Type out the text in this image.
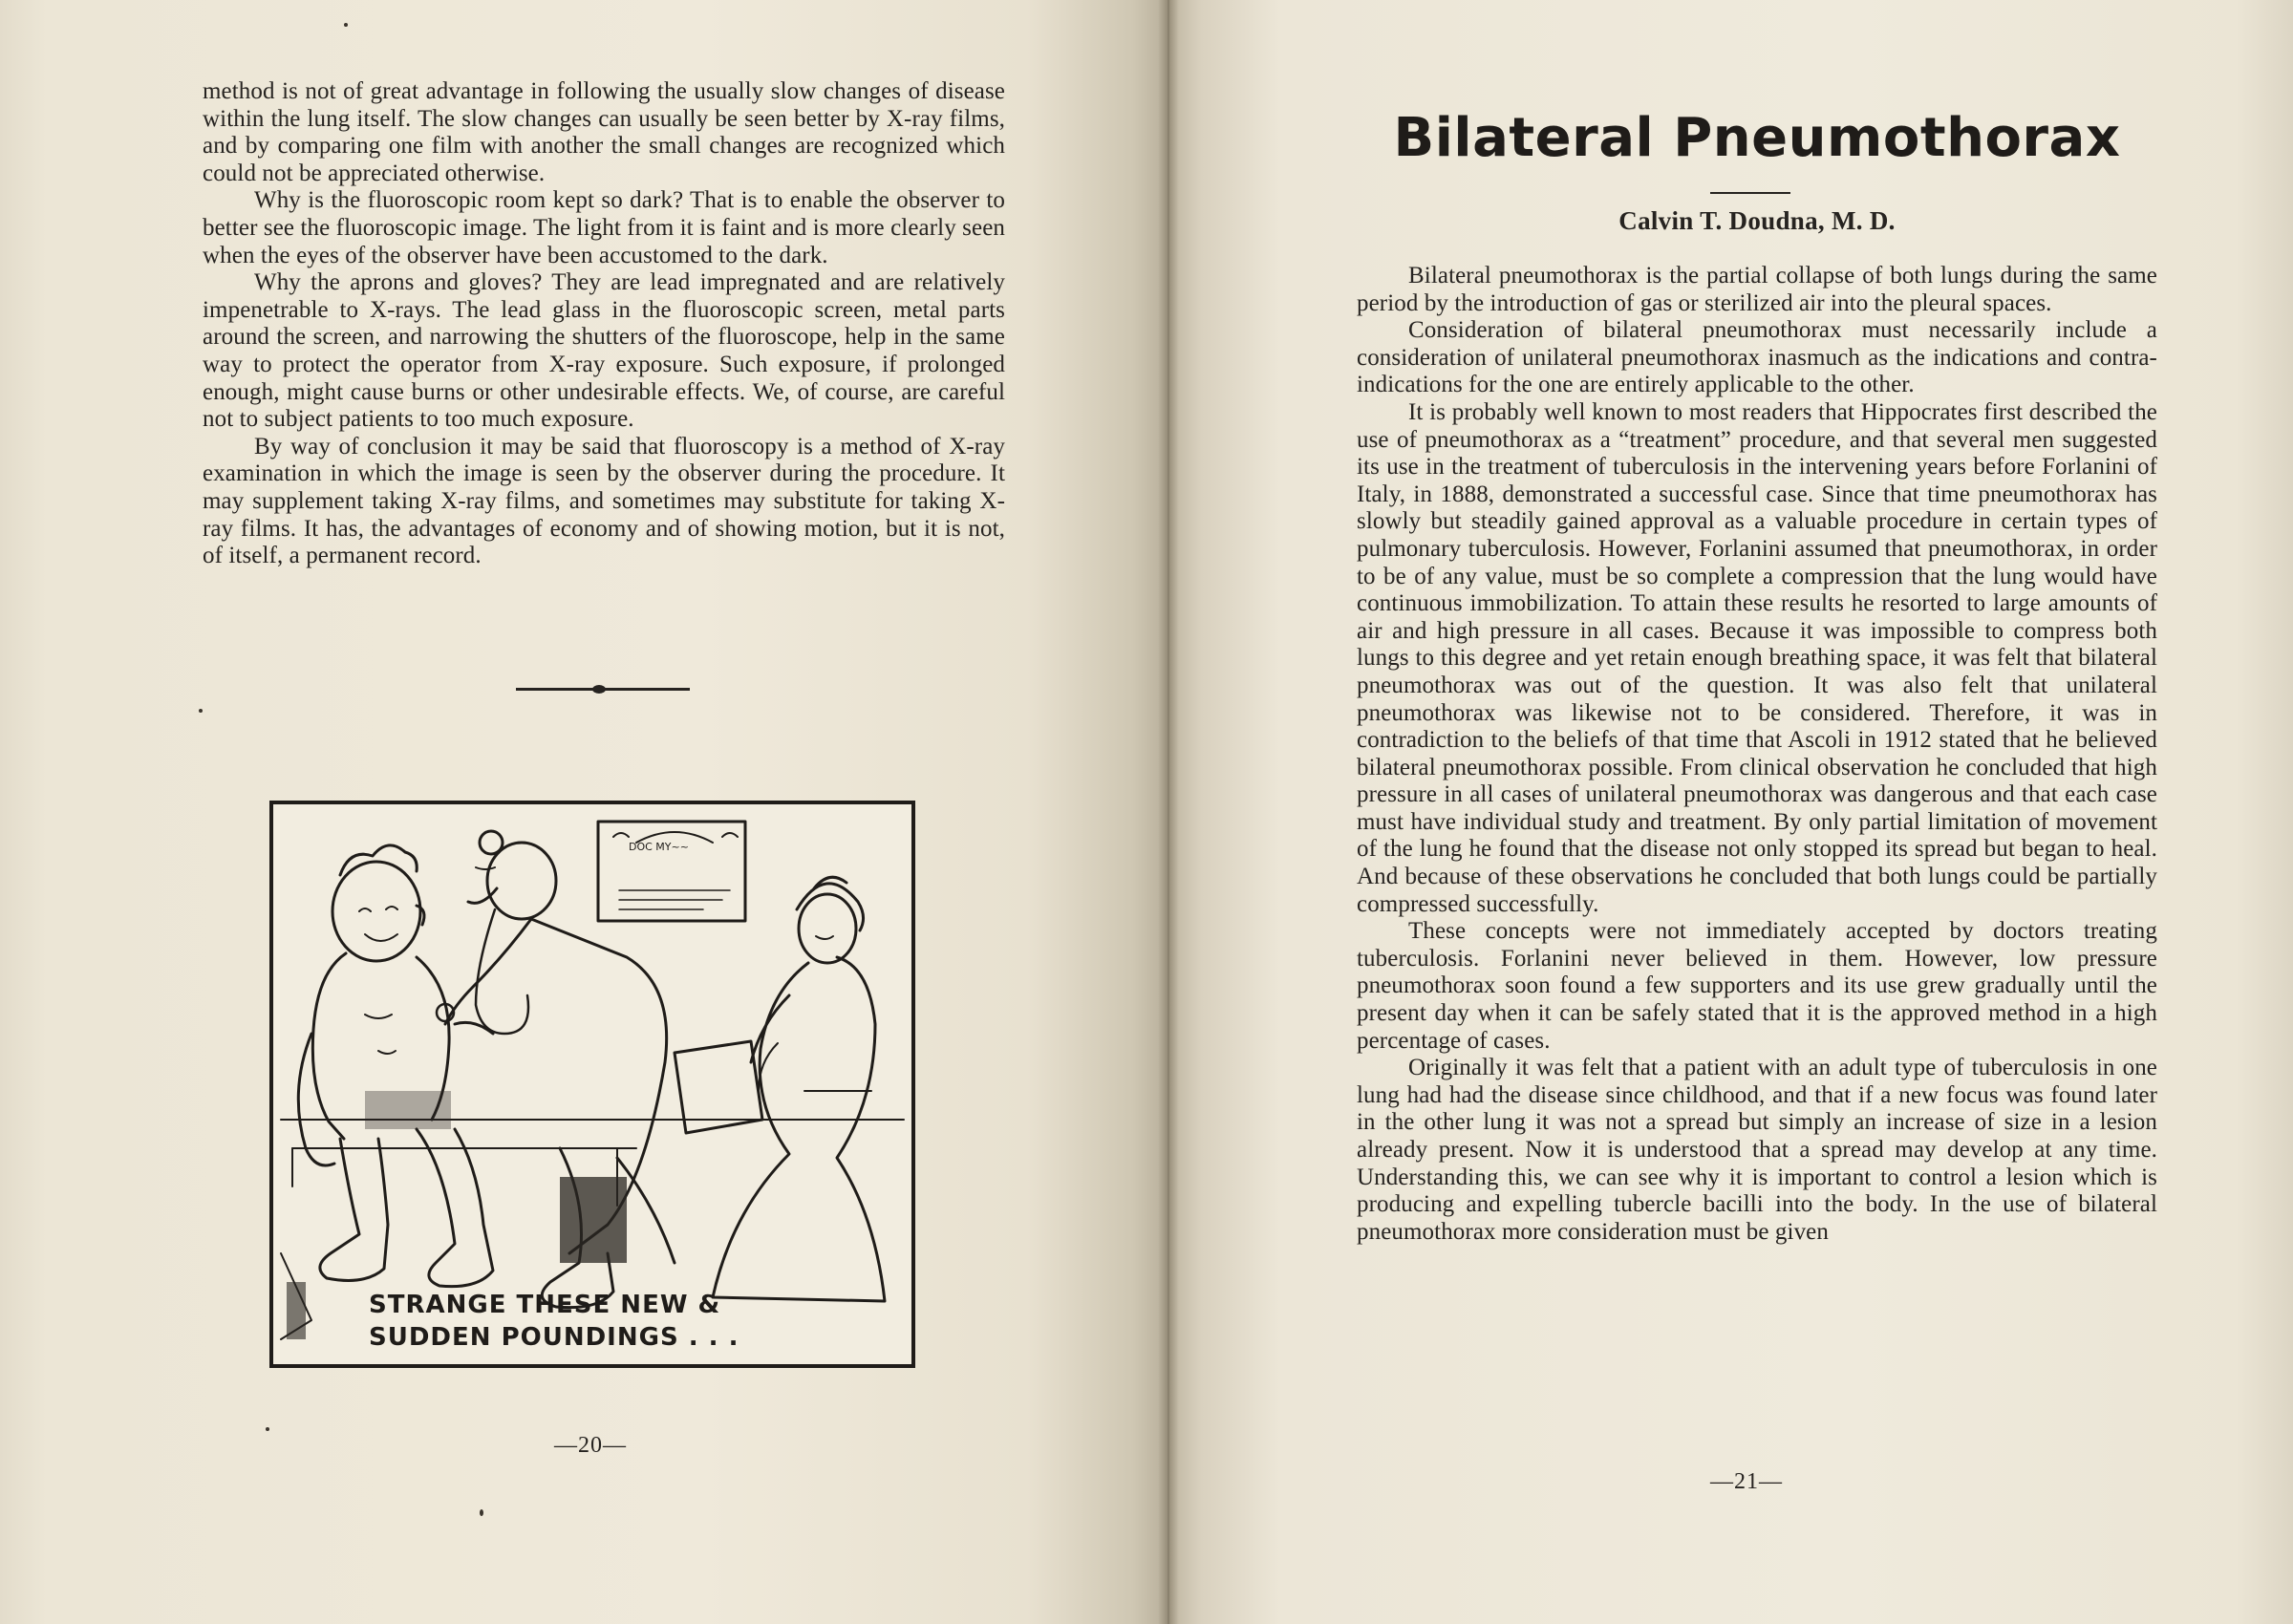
method is not of great advantage in following the usually slow changes of disease within the lung itself. The slow changes can usually be seen better by X-ray films, and by comparing one film with another the small changes are recognized which could not be appreciated otherwise.

Why is the fluoroscopic room kept so dark? That is to enable the observer to better see the fluoroscopic image. The light from it is faint and is more clearly seen when the eyes of the observer have been accustomed to the dark.

Why the aprons and gloves? They are lead impregnated and are relatively impenetrable to X-rays. The lead glass in the fluoroscopic screen, metal parts around the screen, and narrowing the shutters of the fluoroscope, help in the same way to protect the operator from X-ray exposure. Such exposure, if prolonged enough, might cause burns or other undesirable effects. We, of course, are careful not to subject patients to too much exposure.

By way of conclusion it may be said that fluoroscopy is a method of X-ray examination in which the image is seen by the observer during the procedure. It may supplement taking X-ray films, and sometimes may substitute for taking X-ray films. It has, the advantages of economy and of showing motion, but it is not, of itself, a permanent record.

DOC MY~~
STRANGE THESE NEW &
SUDDEN POUNDINGS . . .
—20—
Bilateral Pneumothorax
Calvin T. Doudna, M. D.

Bilateral pneumothorax is the partial collapse of both lungs during the same period by the introduction of gas or sterilized air into the pleural spaces.

Consideration of bilateral pneumothorax must necessarily include a consideration of unilateral pneumothorax inasmuch as the indications and contra-indications for the one are entirely applicable to the other.

It is probably well known to most readers that Hippocrates first described the use of pneumothorax as a “treatment” procedure, and that several men suggested its use in the treatment of tuberculosis in the intervening years before Forlanini of Italy, in 1888, demonstrated a successful case. Since that time pneumothorax has slowly but steadily gained approval as a valuable procedure in certain types of pulmonary tuberculosis. However, Forlanini assumed that pneumothorax, in order to be of any value, must be so complete a compression that the lung would have continuous immobilization. To attain these results he resorted to large amounts of air and high pressure in all cases. Because it was impossible to compress both lungs to this degree and yet retain enough breathing space, it was felt that bilateral pneumothorax was out of the question. It was also felt that unilateral pneumothorax was likewise not to be considered. Therefore, it was in contradiction to the beliefs of that time that Ascoli in 1912 stated that he believed bilateral pneumothorax possible. From clinical observation he concluded that high pressure in all cases of unilateral pneumothorax was dangerous and that each case must have individual study and treatment. By only partial limitation of movement of the lung he found that the disease not only stopped its spread but began to heal. And because of these observations he concluded that both lungs could be partially compressed successfully.

These concepts were not immediately accepted by doctors treating tuberculosis. Forlanini never believed in them. However, low pressure pneumothorax soon found a few supporters and its use grew gradually until the present day when it can be safely stated that it is the approved method in a high percentage of cases.

Originally it was felt that a patient with an adult type of tuberculosis in one lung had had the disease since childhood, and that if a new focus was found later in the other lung it was not a spread but simply an increase of size in a lesion already present. Now it is understood that a spread may develop at any time. Understanding this, we can see why it is important to control a lesion which is producing and expelling tubercle bacilli into the body. In the use of bilateral pneumothorax more consideration must be given

—21—
